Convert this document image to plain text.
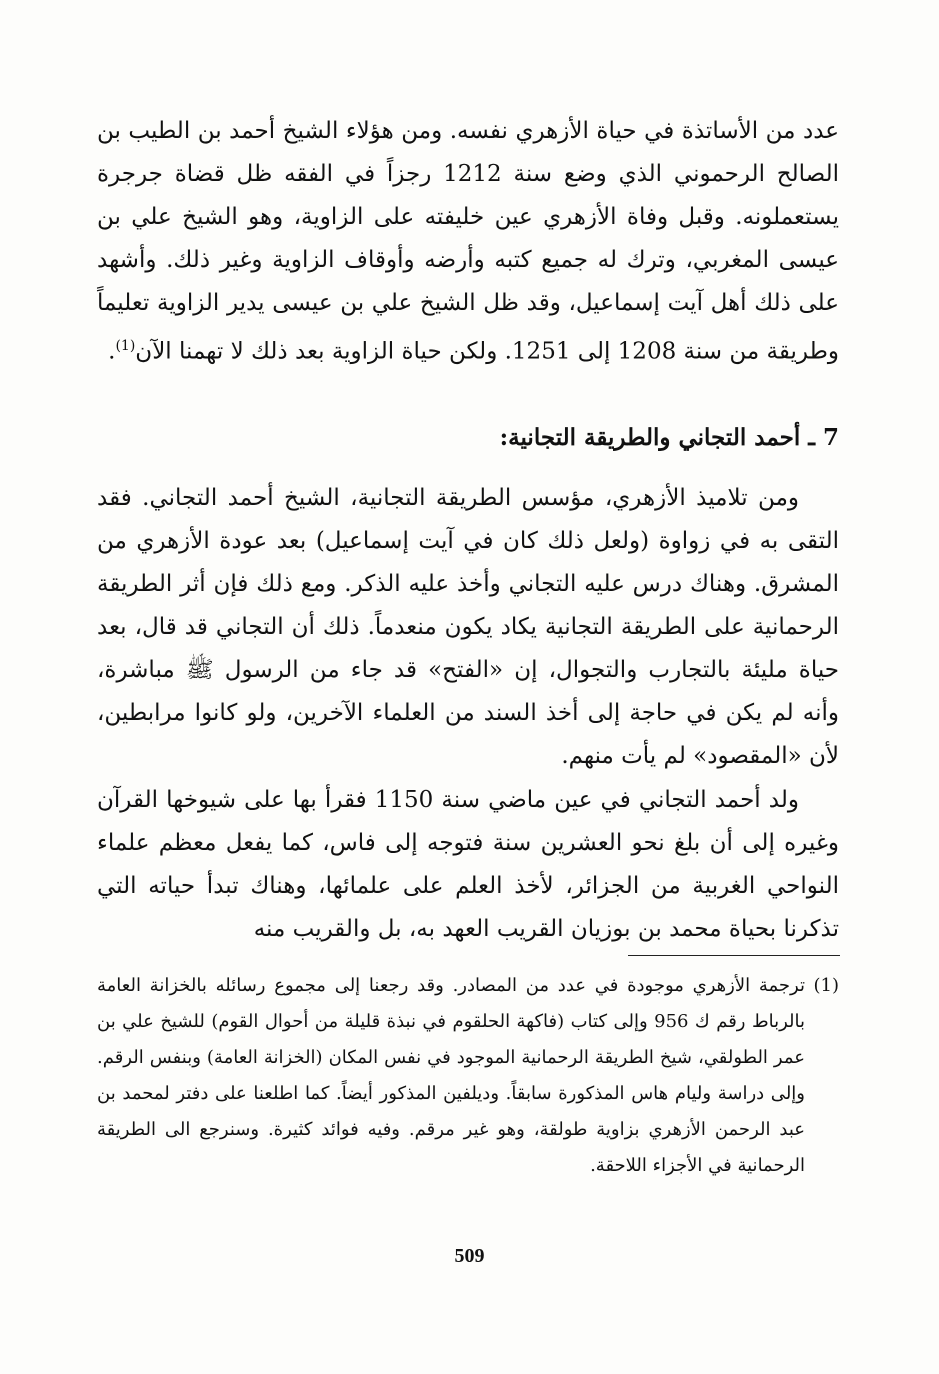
عدد من الأساتذة في حياة الأزهري نفسه. ومن هؤلاء الشيخ أحمد بن الطيب بن الصالح الرحموني الذي وضع سنة 1212 رجزاً في الفقه ظل قضاة جرجرة يستعملونه. وقبل وفاة الأزهري عين خليفته على الزاوية، وهو الشيخ علي بن عيسى المغربي، وترك له جميع كتبه وأرضه وأوقاف الزاوية وغير ذلك. وأشهد على ذلك أهل آيت إسماعيل، وقد ظل الشيخ علي بن عيسى يدير الزاوية تعليماً وطريقة من سنة 1208 إلى 1251. ولكن حياة الزاوية بعد ذلك لا تهمنا الآن$^{(1)}$.

7 ـ أحمد التجاني والطريقة التجانية:

ومن تلاميذ الأزهري، مؤسس الطريقة التجانية، الشيخ أحمد التجاني. فقد التقى به في زواوة (ولعل ذلك كان في آيت إسماعيل) بعد عودة الأزهري من المشرق. وهناك درس عليه التجاني وأخذ عليه الذكر. ومع ذلك فإن أثر الطريقة الرحمانية على الطريقة التجانية يكاد يكون منعدماً. ذلك أن التجاني قد قال، بعد حياة مليئة بالتجارب والتجوال، إن «الفتح» قد جاء من الرسول ﷺ مباشرة، وأنه لم يكن في حاجة إلى أخذ السند من العلماء الآخرين، ولو كانوا مرابطين، لأن «المقصود» لم يأت منهم.

ولد أحمد التجاني في عين ماضي سنة 1150 فقرأ بها على شيوخها القرآن وغيره إلى أن بلغ نحو العشرين سنة فتوجه إلى فاس، كما يفعل معظم علماء النواحي الغربية من الجزائر، لأخذ العلم على علمائها، وهناك تبدأ حياته التي تذكرنا بحياة محمد بن بوزيان القريب العهد به، بل والقريب منه

(1)
ترجمة الأزهري موجودة في عدد من المصادر. وقد رجعنا إلى مجموع رسائله بالخزانة العامة بالرباط رقم ك 956 وإلى كتاب (فاكهة الحلقوم في نبذة قليلة من أحوال القوم) للشيخ علي بن عمر الطولقي، شيخ الطريقة الرحمانية الموجود في نفس المكان (الخزانة العامة) وبنفس الرقم. وإلى دراسة وليام هاس المذكورة سابقاً. وديلفين المذكور أيضاً. كما اطلعنا على دفتر لمحمد بن عبد الرحمن الأزهري بزاوية طولقة، وهو غير مرقم. وفيه فوائد كثيرة. وسنرجع الى الطريقة الرحمانية في الأجزاء اللاحقة.

509
